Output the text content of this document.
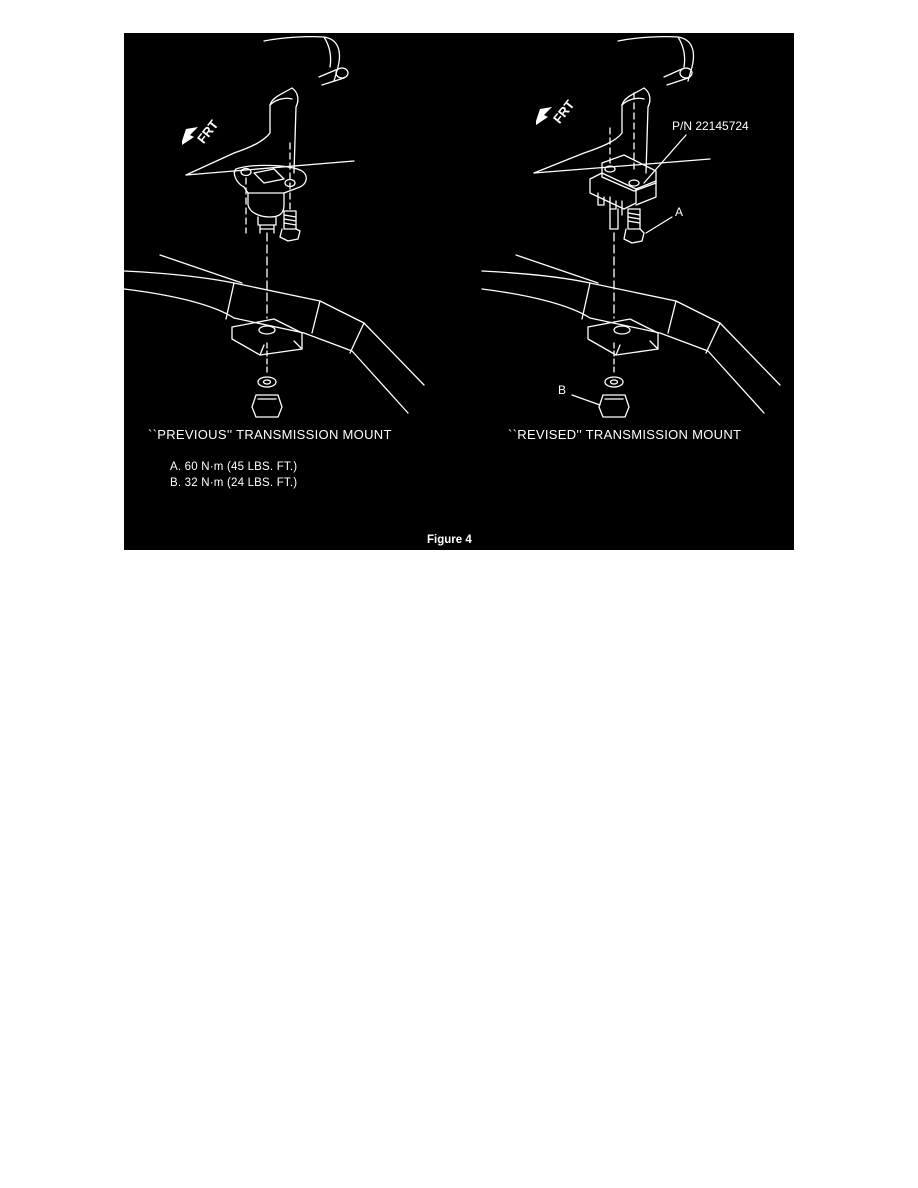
FRT
FRT	P/N 22145724
A
B
``PREVIOUS'' TRANSMISSION MOUNT	``REVISED'' TRANSMISSION MOUNT
A. 60 N·m (45 LBS. FT.)
B. 32 N·m (24 LBS. FT.)
Figure 4
